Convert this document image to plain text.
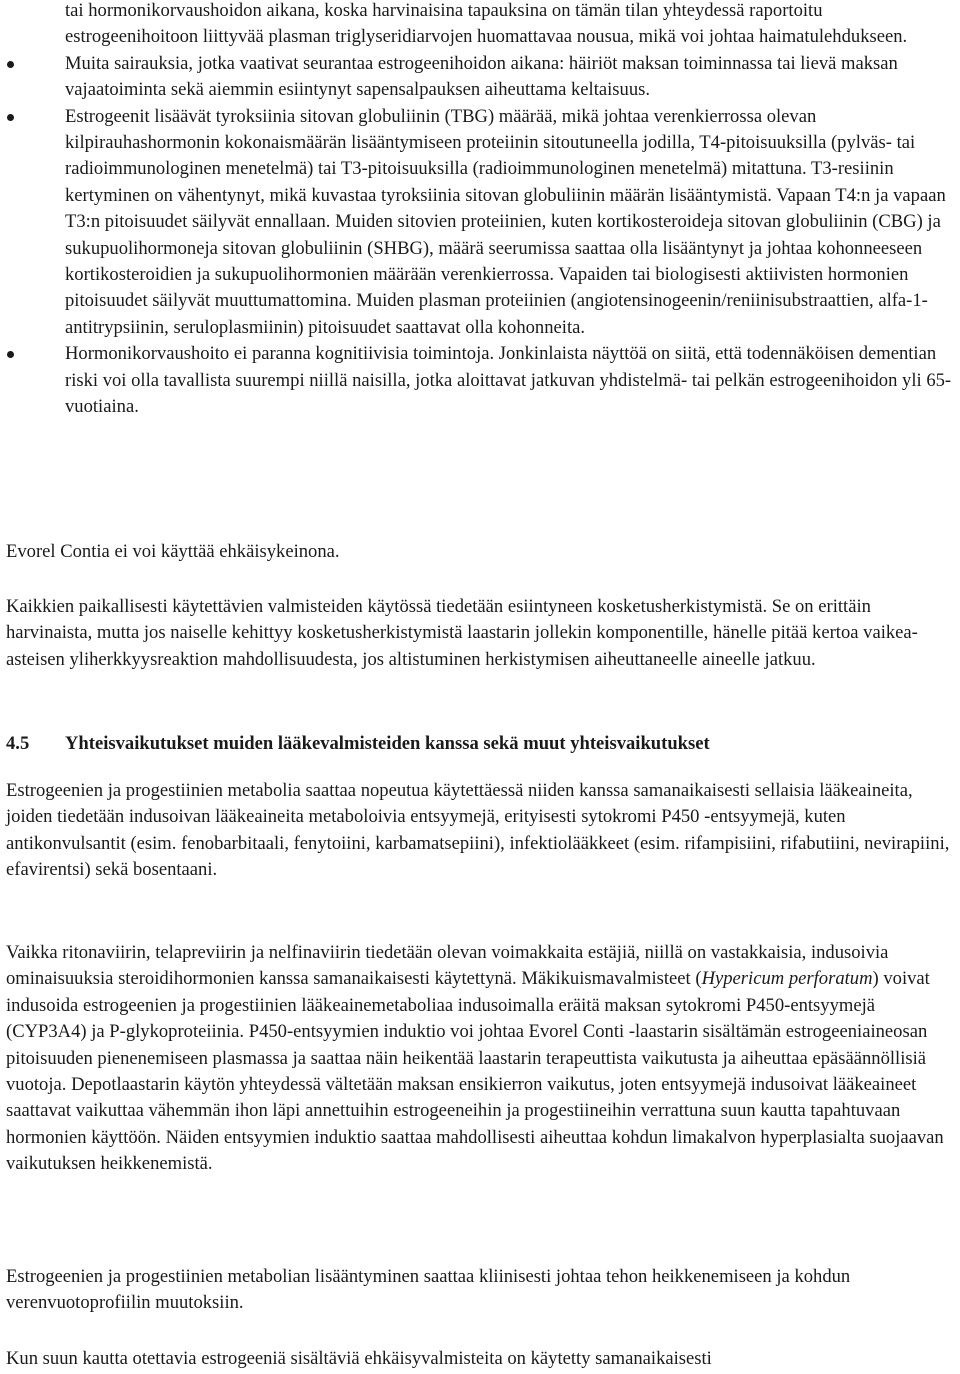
tai hormonikorvaushoidon aikana, koska harvinaisina tapauksina on tämän tilan yhteydessä raportoitu estrogeenihoitoon liittyvää plasman triglyseridiarvojen huomattavaa nousua, mikä voi johtaa haimatulehdukseen.
Muita sairauksia, jotka vaativat seurantaa estrogeenihoidon aikana: häiriöt maksan toiminnassa tai lievä maksan vajaatoiminta sekä aiemmin esiintynyt sapensalpauksen aiheuttama keltaisuus.
Estrogeenit lisäävät tyroksiinia sitovan globuliinin (TBG) määrää, mikä johtaa verenkierrossa olevan kilpirauhashormonin kokonaismäärän lisääntymiseen proteiinin sitoutuneella jodilla, T4-pitoisuuksilla (pylväs- tai radioimmunologinen menetelmä) tai T3-pitoisuuksilla (radioimmunologinen menetelmä) mitattuna. T3-resiinin kertyminen on vähentynyt, mikä kuvastaa tyroksiinia sitovan globuliinin määrän lisääntymistä. Vapaan T4:n ja vapaan T3:n pitoisuudet säilyvät ennallaan. Muiden sitovien proteiinien, kuten kortikosteroideja sitovan globuliinin (CBG) ja sukupuolihormoneja sitovan globuliinin (SHBG), määrä seerumissa saattaa olla lisääntynyt ja johtaa kohonneeseen kortikosteroidien ja sukupuolihormonien määrään verenkierrossa. Vapaiden tai biologisesti aktiivisten hormonien pitoisuudet säilyvät muuttumattomina. Muiden plasman proteiinien (angiotensinogeenin/reniinisubstraattien, alfa-1-antitrypsiinin, seruloplasmiinin) pitoisuudet saattavat olla kohonneita.
Hormonikorvaushoito ei paranna kognitiivisia toimintoja. Jonkinlaista näyttöä on siitä, että todennäköisen dementian riski voi olla tavallista suurempi niillä naisilla, jotka aloittavat jatkuvan yhdistelmä- tai pelkän estrogeenihoidon yli 65-vuotiaina.

Evorel Contia ei voi käyttää ehkäisykeinona.

Kaikkien paikallisesti käytettävien valmisteiden käytössä tiedetään esiintyneen kosketusherkistymistä. Se on erittäin harvinaista, mutta jos naiselle kehittyy kosketusherkistymistä laastarin jollekin komponentille, hänelle pitää kertoa vaikea-asteisen yliherkkyysreaktion mahdollisuudesta, jos altistuminen herkistymisen aiheuttaneelle aineelle jatkuu.

4.5 Yhteisvaikutukset muiden lääkevalmisteiden kanssa sekä muut yhteisvaikutukset

Estrogeenien ja progestiinien metabolia saattaa nopeutua käytettäessä niiden kanssa samanaikaisesti sellaisia lääkeaineita, joiden tiedetään indusoivan lääkeaineita metaboloivia entsyymejä, erityisesti sytokromi P450 -entsyymejä, kuten antikonvulsantit (esim. fenobarbitaali, fenytoiini, karbamatsepiini), infektiolääkkeet (esim. rifampisiini, rifabutiini, nevirapiini, efavirentsi) sekä bosentaani.

Vaikka ritonaviirin, telapreviirin ja nelfinaviirin tiedetään olevan voimakkaita estäjiä, niillä on vastakkaisia, indusoivia ominaisuuksia steroidihormonien kanssa samanaikaisesti käytettynä. Mäkikuismavalmisteet (Hypericum perforatum) voivat indusoida estrogeenien ja progestiinien lääkeainemetaboliaa indusoimalla eräitä maksan sytokromi P450-entsyymejä (CYP3A4) ja P-glykoproteiinia. P450-entsyymien induktio voi johtaa Evorel Conti -laastarin sisältämän estrogeeniaineosan pitoisuuden pienenemiseen plasmassa ja saattaa näin heikentää laastarin terapeuttista vaikutusta ja aiheuttaa epäsäännöllisiä vuotoja. Depotlaastarin käytön yhteydessä vältetään maksan ensikierron vaikutus, joten entsyymejä indusoivat lääkeaineet saattavat vaikuttaa vähemmän ihon läpi annettuihin estrogeeneihin ja progestiineihin verrattuna suun kautta tapahtuvaan hormonien käyttöön. Näiden entsyymien induktio saattaa mahdollisesti aiheuttaa kohdun limakalvon hyperplasialta suojaavan vaikutuksen heikkenemistä.

Estrogeenien ja progestiinien metabolian lisääntyminen saattaa kliinisesti johtaa tehon heikkenemiseen ja kohdun verenvuotoprofiilin muutoksiin.

Kun suun kautta otettavia estrogeeniä sisältäviä ehkäisyvalmisteita on käytetty samanaikaisesti
